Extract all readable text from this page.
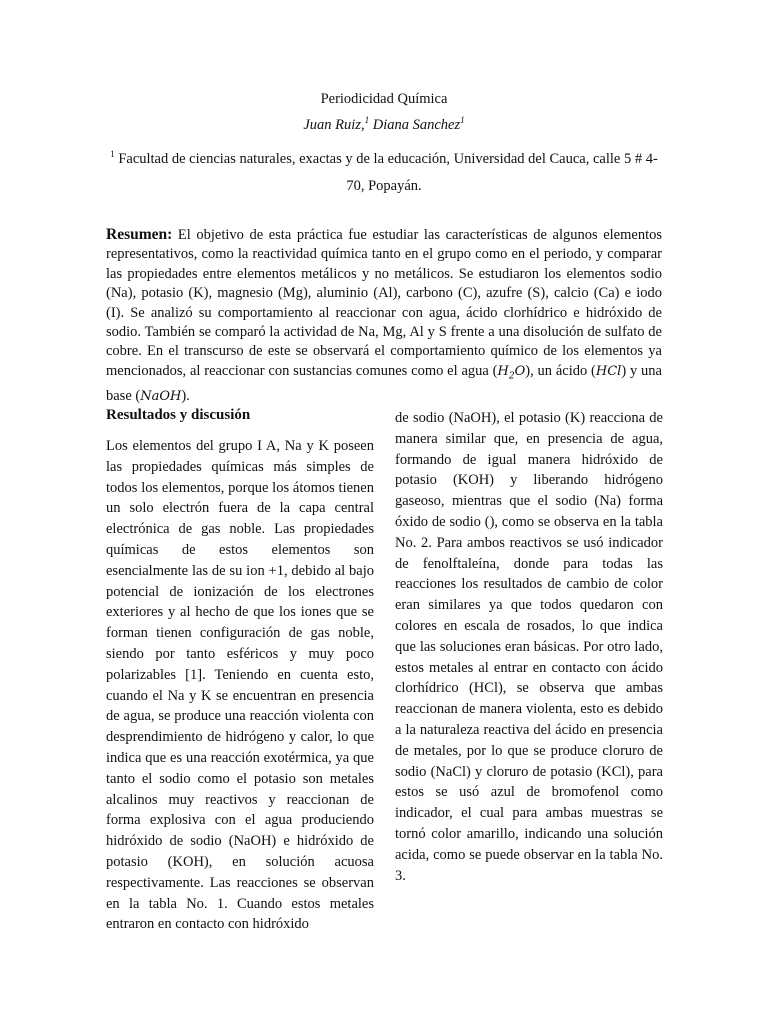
Periodicidad Química
Juan Ruiz,$^1$ Diana Sanchez$^1$
$^1$ Facultad de ciencias naturales, exactas y de la educación, Universidad del Cauca, calle 5 # 4-70, Popayán.
Resumen: El objetivo de esta práctica fue estudiar las características de algunos elementos representativos, como la reactividad química tanto en el grupo como en el periodo, y comparar las propiedades entre elementos metálicos y no metálicos. Se estudiaron los elementos sodio (Na), potasio (K), magnesio (Mg), aluminio (Al), carbono (C), azufre (S), calcio (Ca) e iodo (I). Se analizó su comportamiento al reaccionar con agua, ácido clorhídrico e hidróxido de sodio. También se comparó la actividad de Na, Mg, Al y S frente a una disolución de sulfato de cobre. En el transcurso de este se observará el comportamiento químico de los elementos ya mencionados, al reaccionar con sustancias comunes como el agua $(H_2O)$, un ácido (HCl) y una base (NaOH).
Resultados y discusión
Los elementos del grupo I A, Na y K poseen las propiedades químicas más simples de todos los elementos, porque los átomos tienen un solo electrón fuera de la capa central electrónica de gas noble. Las propiedades químicas de estos elementos son esencialmente las de su ion +1, debido al bajo potencial de ionización de los electrones exteriores y al hecho de que los iones que se forman tienen configuración de gas noble, siendo por tanto esféricos y muy poco polarizables [1]. Teniendo en cuenta esto, cuando el Na y K se encuentran en presencia de agua, se produce una reacción violenta con desprendimiento de hidrógeno y calor, lo que indica que es una reacción exotérmica, ya que tanto el sodio como el potasio son metales alcalinos muy reactivos y reaccionan de forma explosiva con el agua produciendo hidróxido de sodio (NaOH) e hidróxido de potasio (KOH), en solución acuosa respectivamente. Las reacciones se observan en la tabla No. 1. Cuando estos metales entraron en contacto con hidróxido
de sodio (NaOH), el potasio (K) reacciona de manera similar que, en presencia de agua, formando de igual manera hidróxido de potasio (KOH) y liberando hidrógeno gaseoso, mientras que el sodio (Na) forma óxido de sodio (), como se observa en la tabla No. 2. Para ambos reactivos se usó indicador de fenolftaleína, donde para todas las reacciones los resultados de cambio de color eran similares ya que todos quedaron con colores en escala de rosados, lo que indica que las soluciones eran básicas. Por otro lado, estos metales al entrar en contacto con ácido clorhídrico (HCl), se observa que ambas reaccionan de manera violenta, esto es debido a la naturaleza reactiva del ácido en presencia de metales, por lo que se produce cloruro de sodio (NaCl) y cloruro de potasio (KCl), para estos se usó azul de bromofenol como indicador, el cual para ambas muestras se tornó color amarillo, indicando una solución acida, como se puede observar en la tabla No. 3.
